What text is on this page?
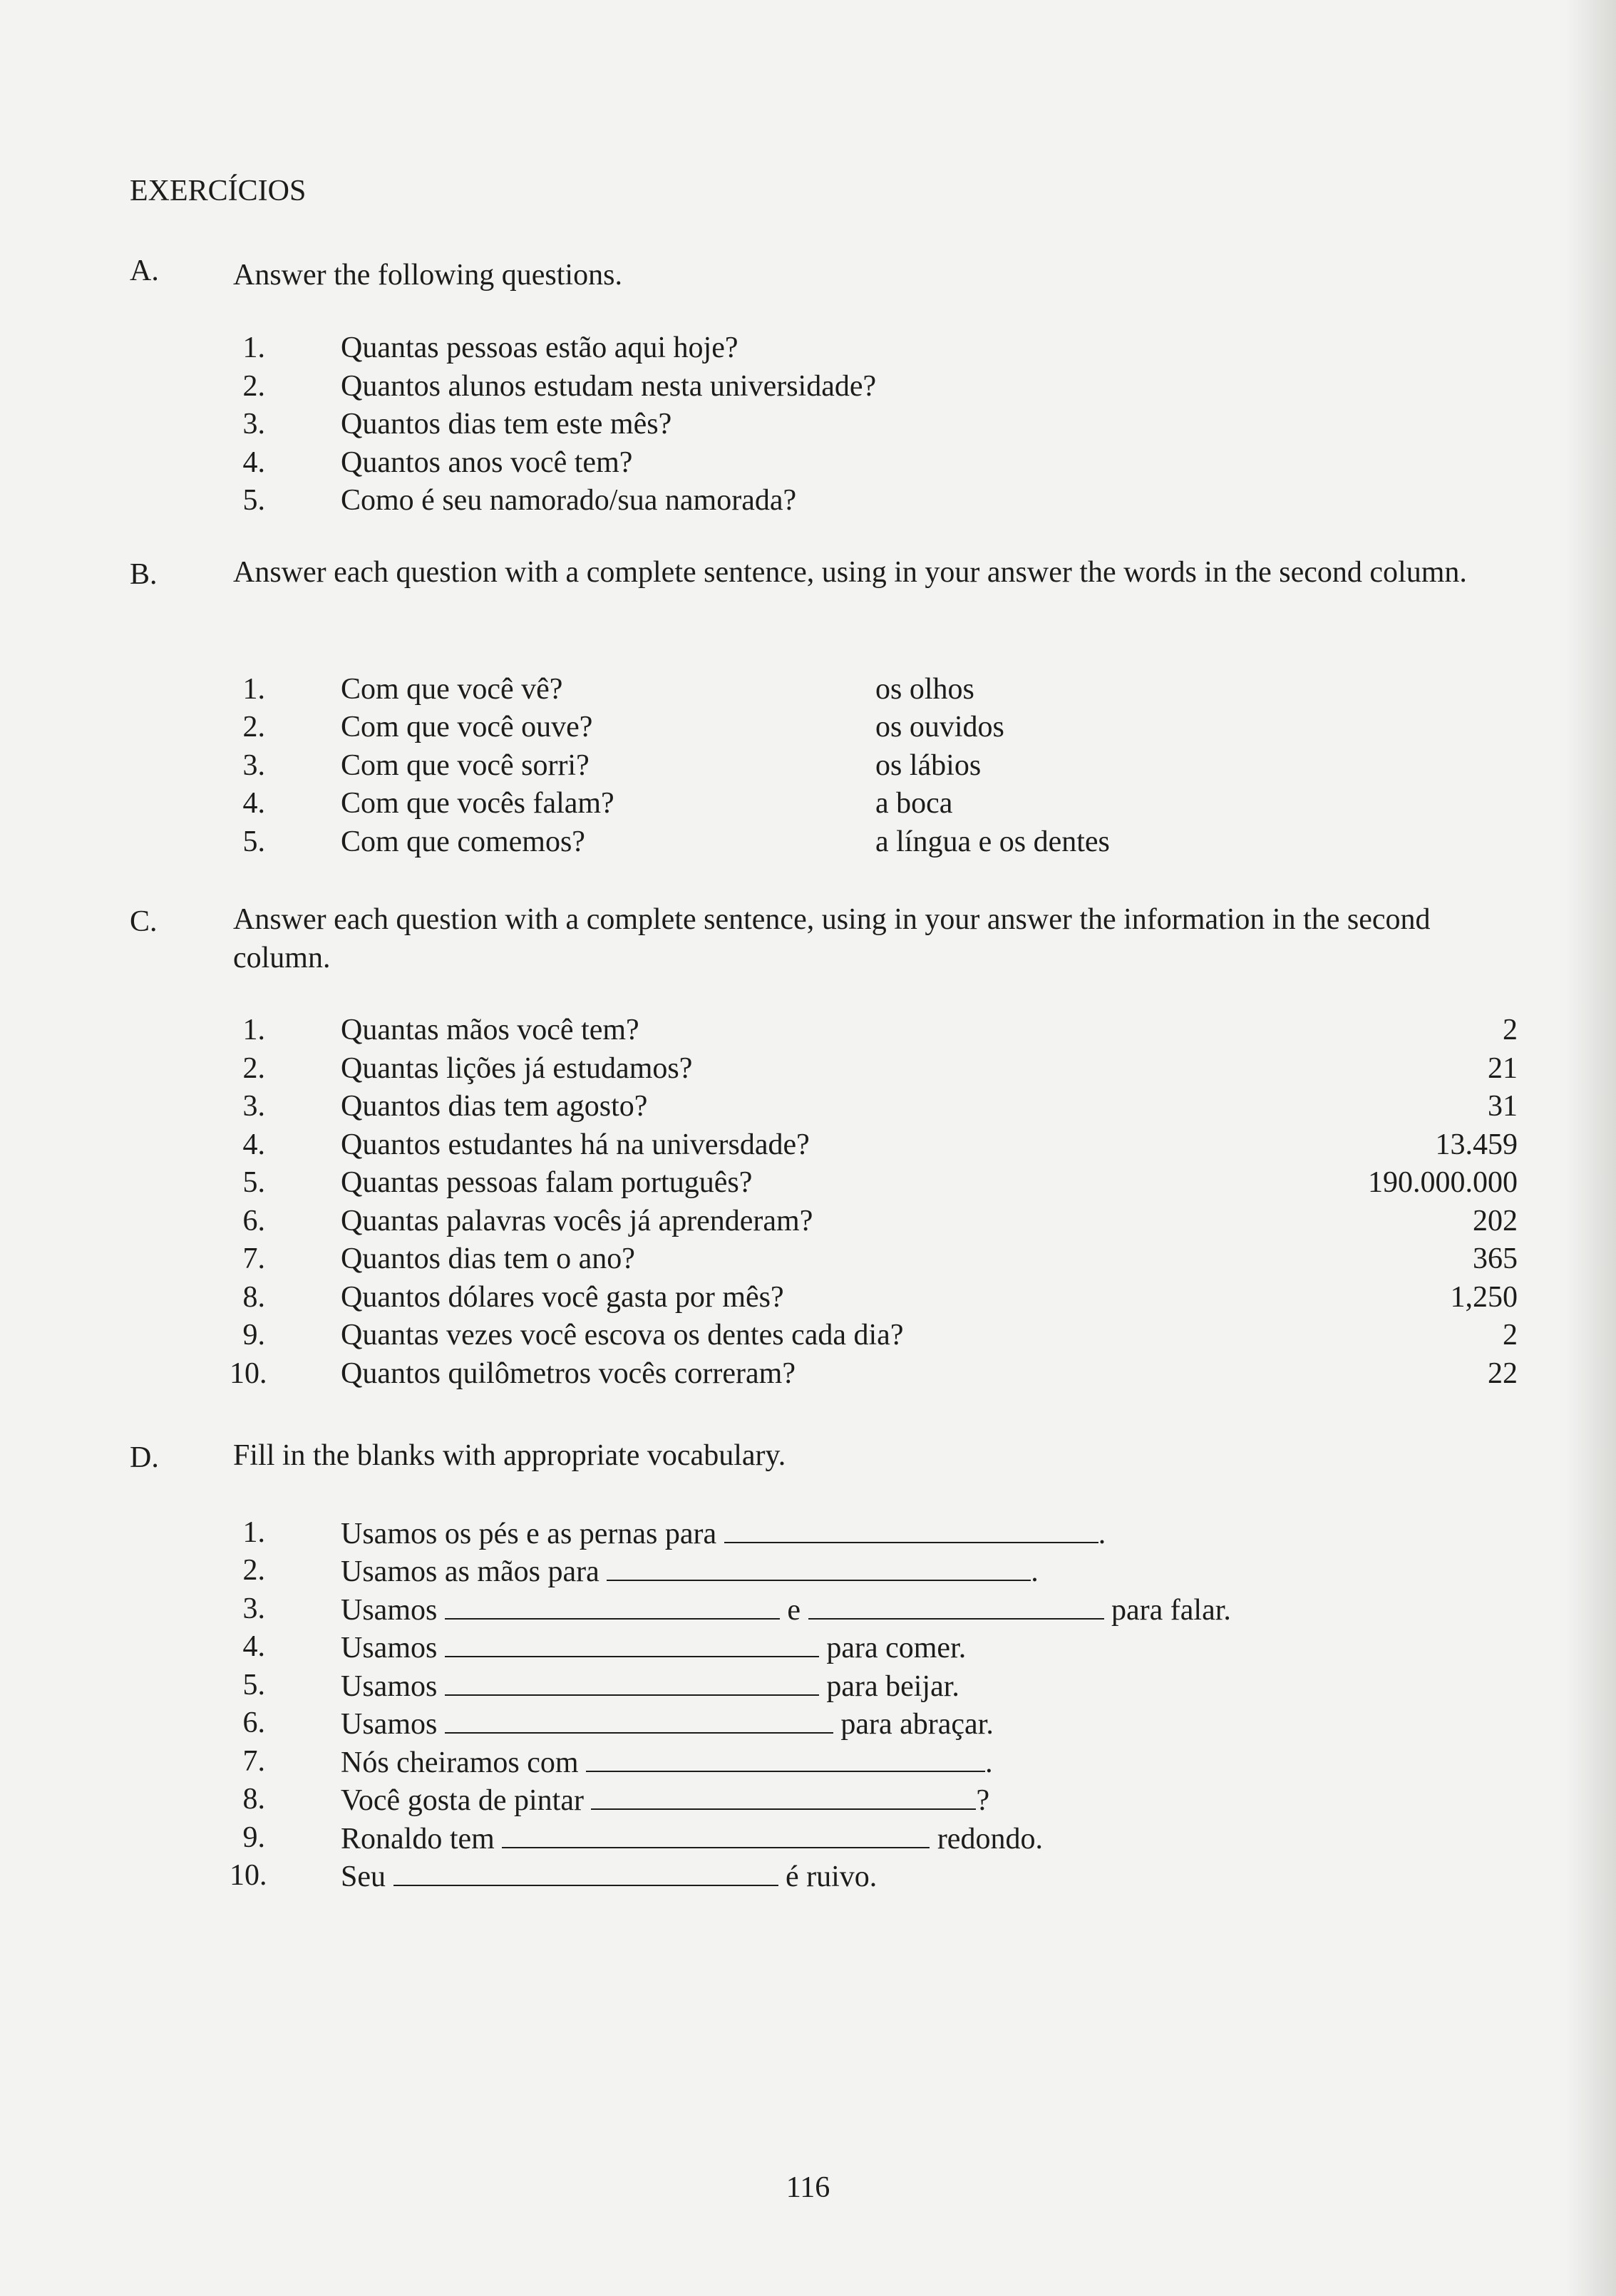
EXERCÍCIOS
A. Answer the following questions.
1.	Quantas pessoas estão aqui hoje?
2.	Quantos alunos estudam nesta universidade?
3.	Quantos dias tem este mês?
4.	Quantos anos você tem?
5.	Como é seu namorado/sua namorada?
B.	Answer each question with a complete sentence, using in your answer the words in the second column.
1.	Com que você vê?	os olhos
2.	Com que você ouve?	os ouvidos
3.	Com que você sorri?	os lábios
4.	Com que vocês falam?	a boca
5.	Com que comemos?	a língua e os dentes
C.	Answer each question with a complete sentence, using in your answer the information in the second column.
1.	Quantas mãos você tem?	2
2.	Quantas lições já estudamos?	21
3.	Quantos dias tem agosto?	31
4.	Quantos estudantes há na universdade?	13.459
5.	Quantas pessoas falam português?	190.000.000
6.	Quantas palavras vocês já aprenderam?	202
7.	Quantos dias tem o ano?	365
8.	Quantos dólares você gasta por mês?	1,250
9.	Quantas vezes você escova os dentes cada dia?	2
10. Quantos quilômetros vocês correram?	22
D. Fill in the blanks with appropriate vocabulary.
1.	Usamos os pés e as pernas para	.
2.	Usamos as mãos para	.
3.	Usamos	e	para falar.
4.	Usamos	para comer.
5.	Usamos	para beijar.
6.	Usamos	para abraçar.
7.	Nós cheiramos com	.
8.	Você gosta de pintar	?
9.	Ronaldo tem	redondo.
10. Seu	é ruivo.
116
